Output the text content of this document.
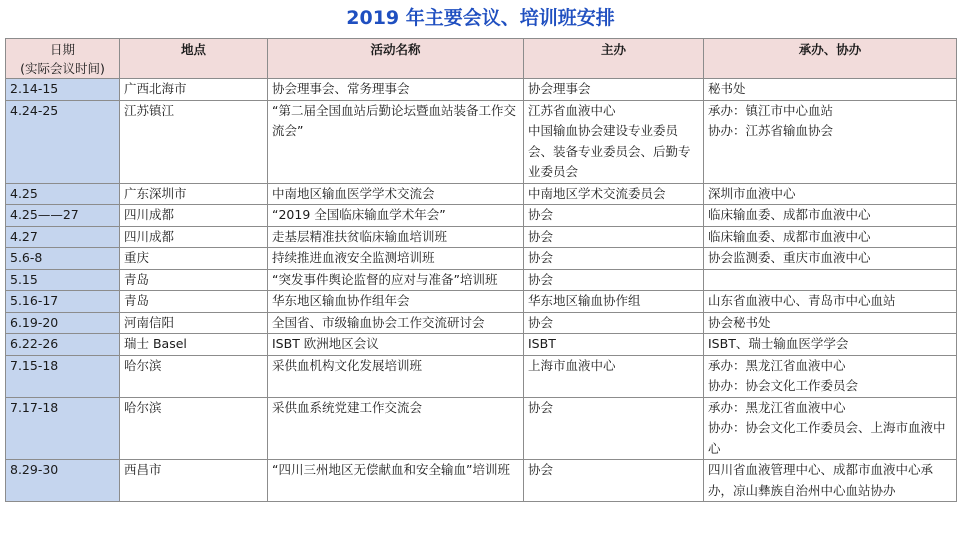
2019 年主要会议、培训班安排
日期
(实际会议时间)	地点	活动名称	主办	承办、协办

2.14-15	广西北海市	协会理事会、常务理事会	协会理事会	秘书处

4.24-25	江苏镇江	“第二届全国血站后勤论坛暨血站装备工作交流会”	江苏省血液中心
中国输血协会建设专业委员会、装备专业委员会、后勤专业委员会	承办：镇江市中心血站
协办：江苏省输血协会

4.25	广东深圳市	中南地区输血医学学术交流会	中南地区学术交流委员会	深圳市血液中心

4.25——27	四川成都	“2019 全国临床输血学术年会”	协会	临床输血委、成都市血液中心

4.27	四川成都	走基层精准扶贫临床输血培训班	协会	临床输血委、成都市血液中心

5.6-8	重庆	持续推进血液安全监测培训班	协会	协会监测委、重庆市血液中心

5.15	青岛	“突发事件舆论监督的应对与准备”培训班	协会	

5.16-17	青岛	华东地区输血协作组年会	华东地区输血协作组	山东省血液中心、青岛市中心血站

6.19-20	河南信阳	全国省、市级输血协会工作交流研讨会	协会	协会秘书处

6.22-26	瑞士 Basel	ISBT 欧洲地区会议	ISBT	ISBT、瑞士输血医学学会

7.15-18	哈尔滨	采供血机构文化发展培训班	上海市血液中心	承办：黑龙江省血液中心
协办：协会文化工作委员会

7.17-18	哈尔滨	采供血系统党建工作交流会	协会	承办：黑龙江省血液中心
协办：协会文化工作委员会、上海市血液中心

8.29-30	西昌市	“四川三州地区无偿献血和安全输血”培训班	协会	四川省血液管理中心、成都市血液中心承办，凉山彝族自治州中心血站协办
